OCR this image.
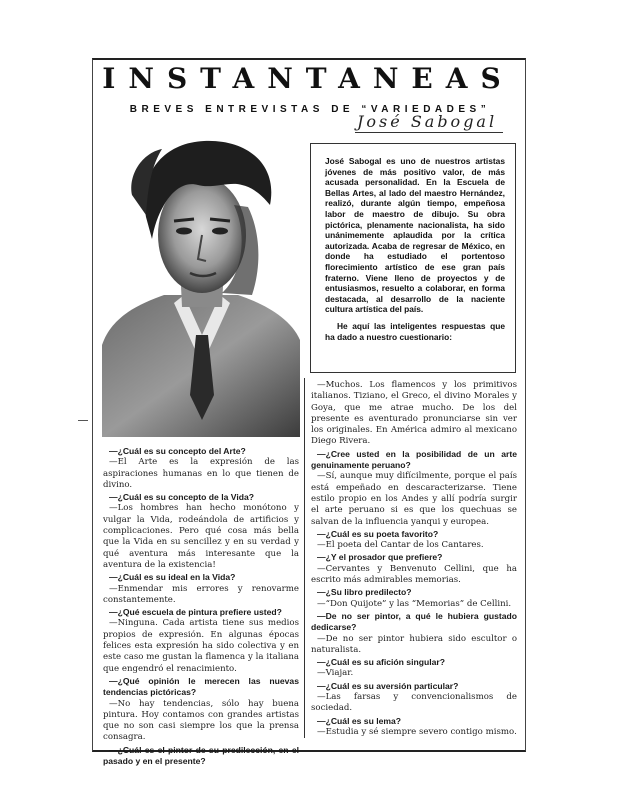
INSTANTANEAS
BREVES ENTREVISTAS DE “VARIEDADES”
José Sabogal

José Sabogal es uno de nuestros artistas jóvenes de más positivo valor, de más acusada personalidad. En la Escuela de Bellas Artes, al lado del maestro Hernández, realizó, durante algún tiempo, empeñosa labor de maestro de dibujo. Su obra pictórica, plenamente nacionalista, ha sido unánimemente aplaudida por la crítica autorizada. Acaba de regresar de México, en donde ha estudiado el portentoso florecimiento artístico de ese gran país fraterno. Viene lleno de proyectos y de entusiasmos, resuelto a colaborar, en forma destacada, al desarrollo de la naciente cultura artística del país.

He aquí las inteligentes respuestas que ha dado a nuestro cuestionario:

—¿Cuál es su concepto del Arte?

—El Arte es la expresión de las aspiraciones humanas en lo que tienen de divino.

—¿Cuál es su concepto de la Vida?

—Los hombres han hecho monótono y vulgar la Vida, rodeándola de artificios y complicaciones. Pero qué cosa más bella que la Vida en su sencillez y en su verdad y qué aventura más interesante que la aventura de la existencia!

—¿Cuál es su ideal en la Vida?

—Enmendar mis errores y renovarme constantemente.

—¿Qué escuela de pintura prefiere usted?

—Ninguna. Cada artista tiene sus medios propios de expresión. En algunas épocas felices esta expresión ha sido colectiva y en este caso me gustan la flamenca y la italiana que engendró el renacimiento.

—¿Qué opinión le merecen las nuevas tendencias pictóricas?

—No hay tendencias, sólo hay buena pintura. Hoy contamos con grandes artistas que no son casi siempre los que la prensa consagra.

—¿Cuál es el pintor de su predilección, en el pasado y en el presente?

—Muchos. Los flamencos y los primitivos italianos. Tiziano, el Greco, el divino Morales y Goya, que me atrae mucho. De los del presente es aventurado pronunciarse sin ver los originales. En América admiro al mexicano Diego Rivera.

—¿Cree usted en la posibilidad de un arte genuinamente peruano?

—Sí, aunque muy difícilmente, porque el país está empeñado en descaracterizarse. Tiene estilo propio en los Andes y allí podría surgir el arte peruano si es que los quechuas se salvan de la influencia yanqui y europea.

—¿Cuál es su poeta favorito?

—El poeta del Cantar de los Cantares.

—¿Y el prosador que prefiere?

—Cervantes y Benvenuto Cellini, que ha escrito más admirables memorias.

—¿Su libro predilecto?

—“Don Quijote” y las “Memorias” de Cellini.

—De no ser pintor, a qué le hubiera gustado dedicarse?

—De no ser pintor hubiera sido escultor o naturalista.

—¿Cuál es su afición singular?

—Viajar.

—¿Cuál es su aversión particular?

—Las farsas y convencionalismos de sociedad.

—¿Cuál es su lema?

—Estudia y sé siempre severo contigo mismo.
